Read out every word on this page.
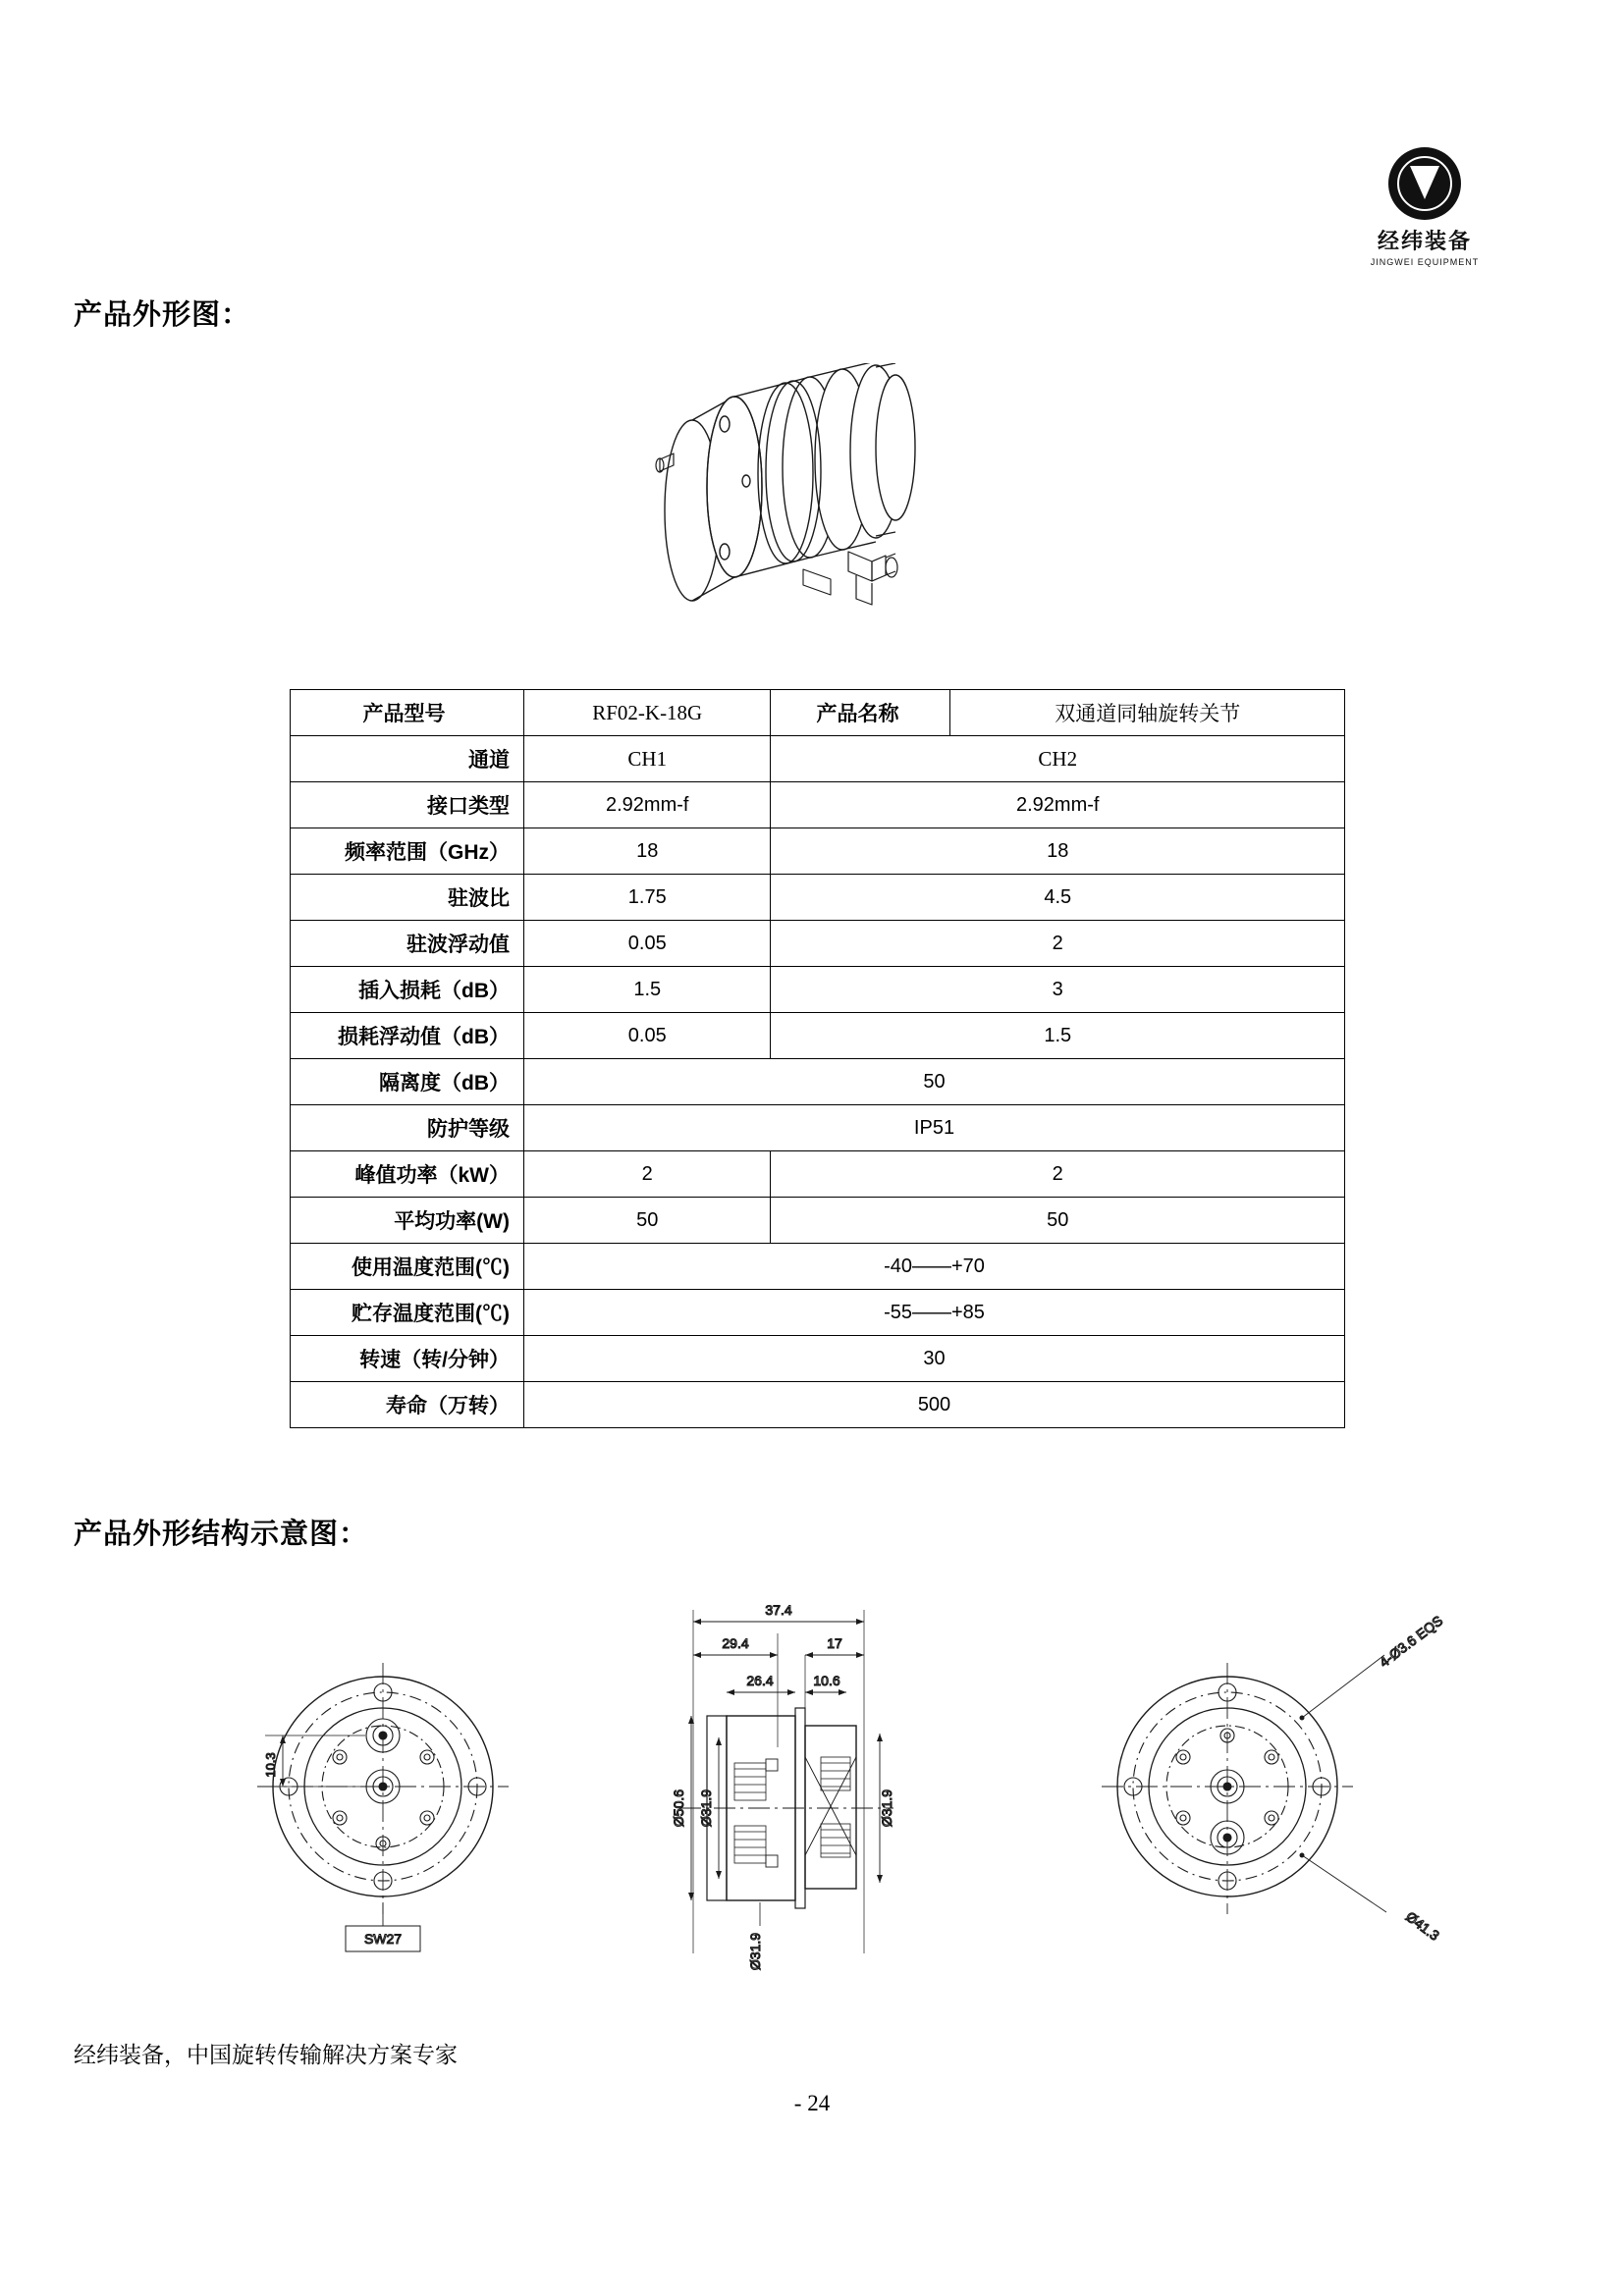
经纬装备
JINGWEI EQUIPMENT
产品外形图：
产品型号	RF02-K-18G	产品名称	双通道同轴旋转关节
通道	CH1	CH2	
接口类型	2.92mm-f	2.92mm-f	
频率范围（GHz）	18	18	
驻波比	1.75	4.5	
驻波浮动值	0.05	2	
插入损耗（dB）	1.5	3	
损耗浮动值（dB）	0.05	1.5	
隔离度（dB）	50		
防护等级	IP51		
峰值功率（kW）	2	2	
平均功率(W)	50	50	
使用温度范围(℃)	-40——+70		
贮存温度范围(℃)	-55——+85		
转速（转/分钟）	30		
寿命（万转）	500		
产品外形结构示意图：
10.3
SW27
37.4
29.4	17
26.4	10.6
Ø50.6 Ø31.9
Ø31.9
Ø31.9
4-Ø3.6 EQS
Ø41.3
经纬装备，中国旋转传输解决方案专家
- 24
